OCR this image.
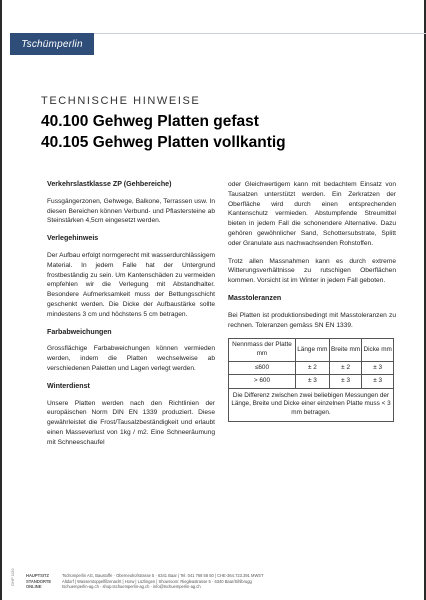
Tschümperlin
TECHNISCHE HINWEISE
40.100 Gehweg Platten gefast
40.105 Gehweg Platten vollkantig
Verkehrslastklasse ZP (Gehbereiche)

Fussgängerzonen, Gehwege, Balkone, Terrassen usw. In diesen Bereichen können Verbund- und Pflastersteine ab Steinstärken 4,5cm eingesetzt werden.

Verlegehinweis

Der Aufbau erfolgt normgerecht mit wasserdurchlässigem Material. In jedem Falle hat der Untergrund frostbeständig zu sein. Um Kantenschäden zu vermeiden empfehlen wir die Verlegung mit Abstandhalter. Besondere Aufmerksamkeit muss der Bettungsschicht geschenkt werden. Die Dicke der Aufbaustärke sollte mindestens 3 cm und höchstens 5 cm betragen.

Farbabweichungen

Grossflächige Farbabweichungen können vermieden werden, indem die Platten wechselweise ab verschiedenen Paletten und Lagen verlegt werden.

Winterdienst

Unsere Platten werden nach den Richtlinien der europäischen Norm DIN EN 1339 produziert. Diese gewährleistet die Frost/Tausalzbeständigkeit und erlaubt einen Masseverlust von 1kg / m2. Eine Schneeräumung mit Schneeschaufel

oder Gleichwertigem kann mit bedachtem Einsatz von Tausalzen unterstützt werden. Ein Zerkratzen der Oberfläche wird durch einen entsprechenden Kantenschutz vermieden. Abstumpfende Streumittel bieten in jedem Fall die schonendere Alternative. Dazu gehören gewöhnlicher Sand, Schottersubstrate, Splitt oder Granulate aus nachwachsenden Rohstoffen.

Trotz allen Massnahmen kann es durch extreme Witterungsverhältnisse zu rutschigen Oberflächen kommen. Vorsicht ist im Winter in jedem Fall geboten.

Masstoleranzen

Bei Platten ist produktionsbedingt mit Masstoleranzen zu rechnen. Toleranzen gemäss SN EN 1339.

Nennmass der Platte mm	Länge mm	Breite mm	Dicke mm
≤600	± 2	± 2	± 3
> 600	± 3	± 3	± 3
Die Differenz zwischen zwei beliebigen Messungen der Länge, Breite und Dicke einer einzelnen Platte muss < 3 mm betragen.			
GHP 1/20	HAUPTSITZ	Tschümperlin AG, Baustoffe · Oberneuhofstrasse 5 · 6341 Baar | Tel. 041 768 58 50 | CHE-364.723.391 MWST
STANDORTE	Altdorf | Wasserstoppelfilzenacht | Horw | Lüzlingen | Showroom: Riegleastrasse 5 · 6340 Baar/Sihlbrugg
ONLINE	tschuemperlin-ag.ch · shop.tschuemperlin-ag.ch · info@tschuemperlin-ag.ch
